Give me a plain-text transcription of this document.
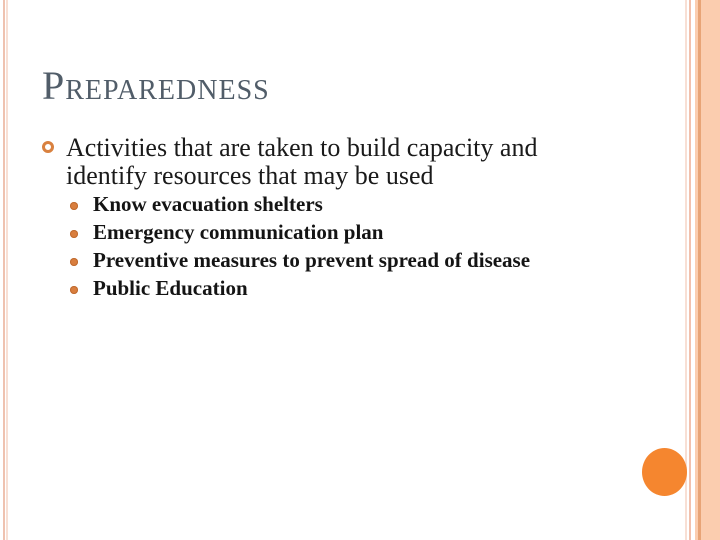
Preparedness
Activities that are taken to build capacity and identify resources that may be used
Know evacuation shelters
Emergency communication plan
Preventive measures to prevent spread of disease
Public Education
